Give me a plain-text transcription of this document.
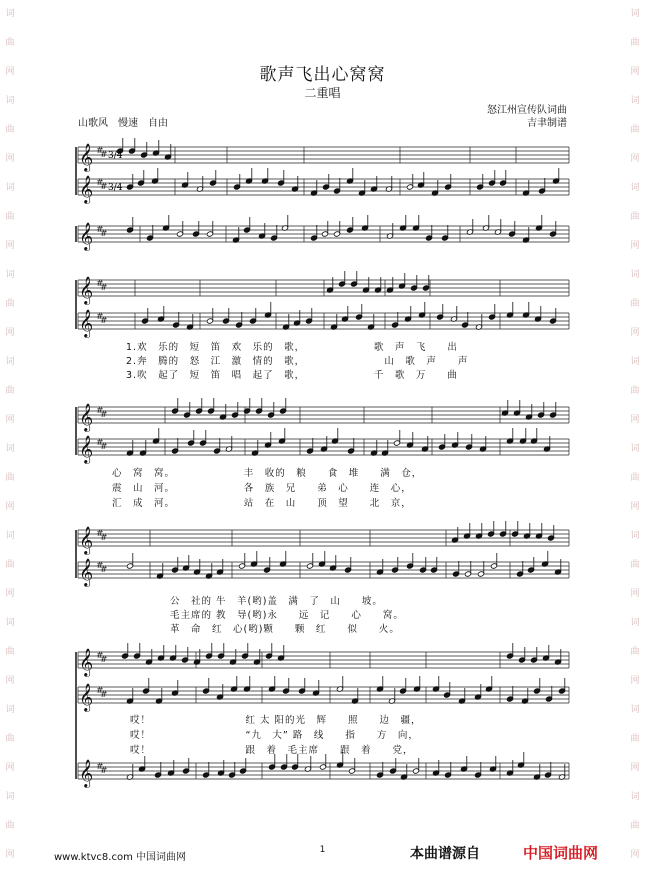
词曲网词曲网词曲网词曲网词曲网词曲网词曲网词曲网词曲网词曲网
词曲网词曲网词曲网词曲网词曲网词曲网词曲网词曲网词曲网词曲网
歌声飞出心窝窝
二重唱
怒江州宣传队词曲
吉聿制谱
山歌风　慢速　自由
𝄞 #
#
𝄞 #
#
𝄞 #
#
𝄞 #
#
𝄞 #
#
𝄞 #
#
𝄞 #
#
𝄞 #
#
𝄞 #
#
𝄞 #
#
𝄞 #
#
𝄞 #
#
3/4
3/4
1.欢　乐的　短　笛　欢　乐的　歌，　　　　　　　歌　声　飞　　出
2.奔　腾的　怒　江　激　情的　歌，　　　　　　　　山　歌　声　　声
3.吹　起了　短　笛　唱　起了　歌，　　　　　　　千　歌　万　　曲
心　窝　窝。　　　　　　　丰　收的　粮　　食　堆　　满　仓，
震　山　河。　　　　　　　各　族　兄　　弟　心　　连　心，
汇　成　河。　　　　　　　站　在　山　　顶　望　　北　京，
公　社的 牛　羊(哟)盖　满　了　山　　坡。
毛主席的 教　导(哟)永　　远　记　　心　　窝。
革　命　红　心(哟)颗　　颗　红　　似　　火。
哎！　　　　　　　　　红 太 阳的光　辉　　照　　边　疆，
哎！　　　　　　　　　“九　大” 路　线　　指　　方　向，
哎！　　　　　　　　　跟　着　毛主席　　跟　着　　党，
1
www.ktvc8.com 中国词曲网	本曲谱源自	中国词曲网
